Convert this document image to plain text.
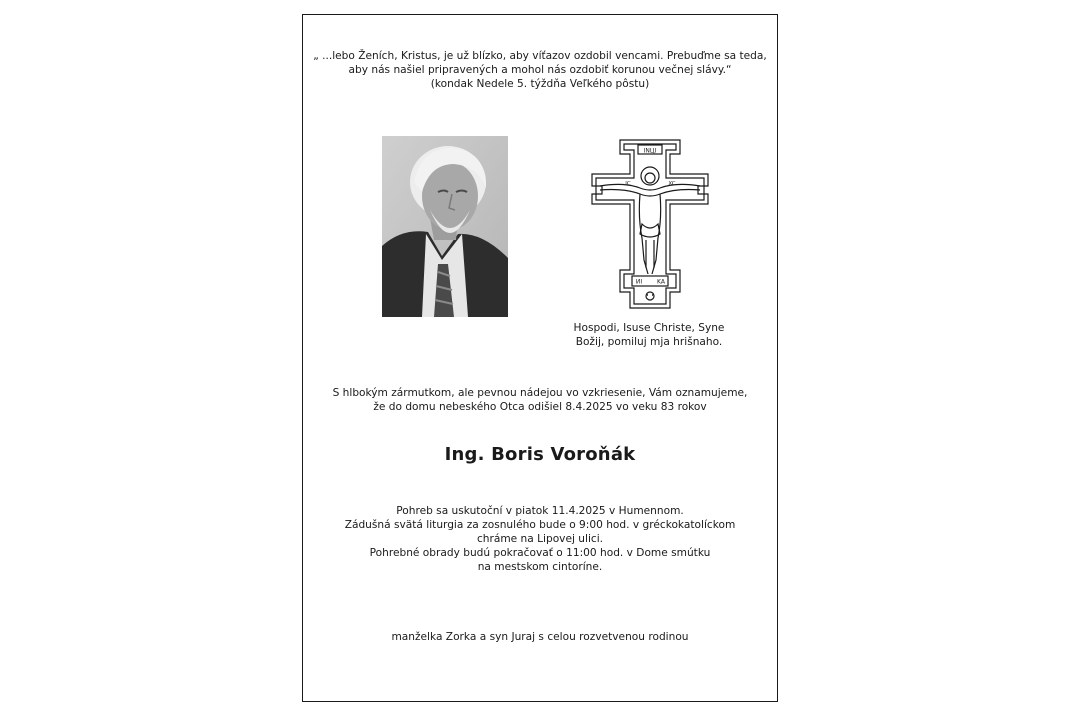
„ ...lebo Ženích, Kristus, je už blízko, aby víťazov ozdobil vencami. Prebuďme sa teda,
aby nás našiel pripravených a mohol nás ozdobiť korunou večnej slávy.“
(kondak Nedele 5. týždňa Veľkého pôstu)
INЦI
ИI KA
IC	XC
Hospodi, Isuse Christe, Syne
Božij, pomiluj mja hrišnaho.
S hlbokým zármutkom, ale pevnou nádejou vo vzkriesenie, Vám oznamujeme,
že do domu nebeského Otca odišiel 8.4.2025 vo veku 83 rokov
Ing. Boris Voroňák
Pohreb sa uskutoční v piatok 11.4.2025 v Humennom.
Zádušná svätá liturgia za zosnulého bude o 9:00 hod. v gréckokatolíckom
chráme na Lipovej ulici.
Pohrebné obrady budú pokračovať o 11:00 hod. v Dome smútku
na mestskom cintoríne.
manželka Zorka a syn Juraj s celou rozvetvenou rodinou
